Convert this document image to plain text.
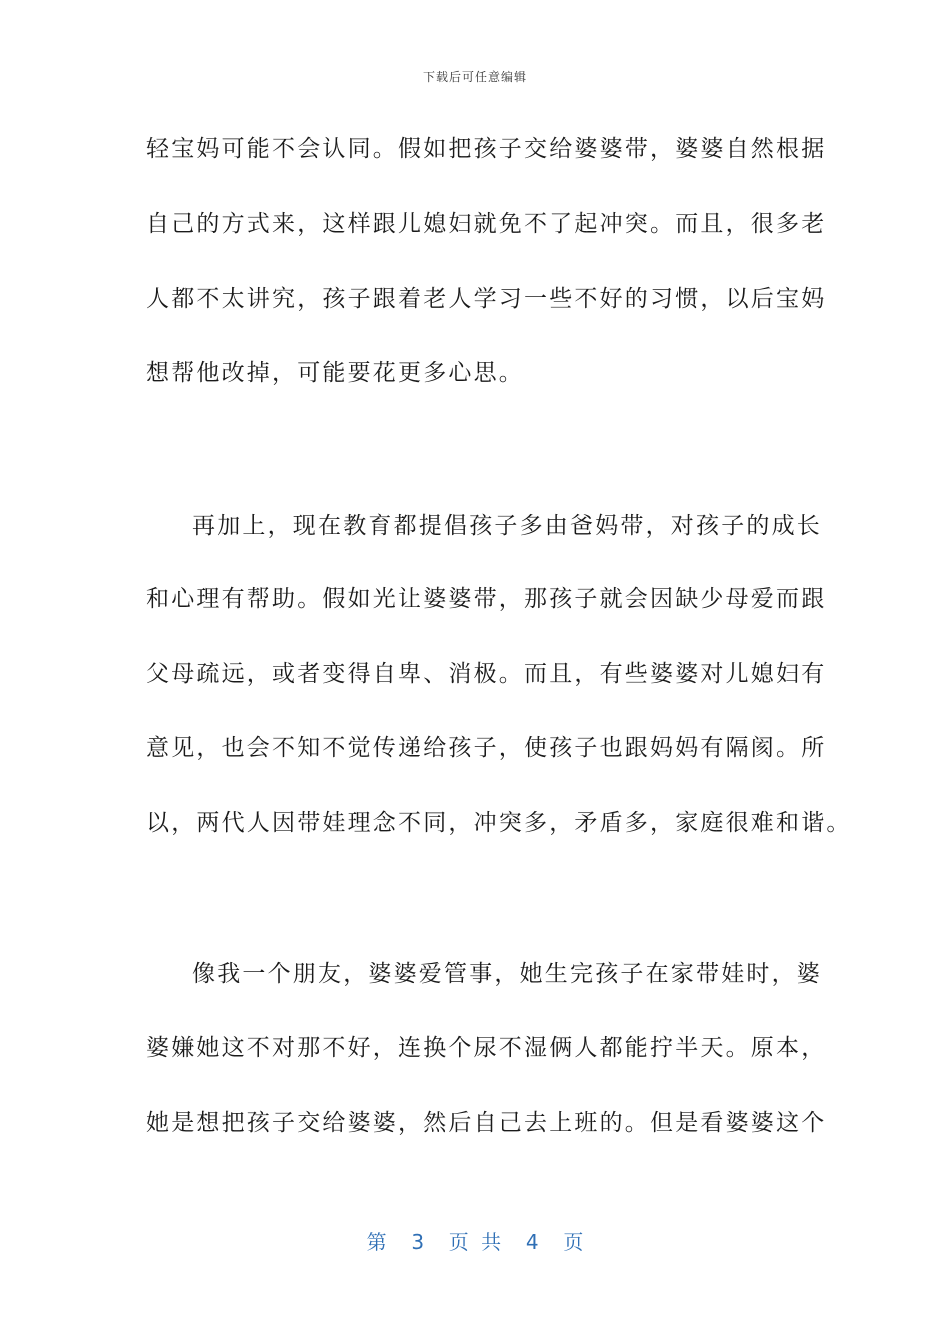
下载后可任意编辑
轻宝妈可能不会认同。假如把孩子交给婆婆带，婆婆自然根据
自己的方式来，这样跟儿媳妇就免不了起冲突。而且，很多老
人都不太讲究，孩子跟着老人学习一些不好的习惯，以后宝妈
想帮他改掉，可能要花更多心思。
再加上，现在教育都提倡孩子多由爸妈带，对孩子的成长
和心理有帮助。假如光让婆婆带，那孩子就会因缺少母爱而跟
父母疏远，或者变得自卑、消极。而且，有些婆婆对儿媳妇有
意见，也会不知不觉传递给孩子，使孩子也跟妈妈有隔阂。所
以，两代人因带娃理念不同，冲突多，矛盾多，家庭很难和谐。
像我一个朋友，婆婆爱管事，她生完孩子在家带娃时，婆
婆嫌她这不对那不好，连换个尿不湿俩人都能拧半天。原本，
她是想把孩子交给婆婆，然后自己去上班的。但是看婆婆这个
第  3  页 共  4  页
